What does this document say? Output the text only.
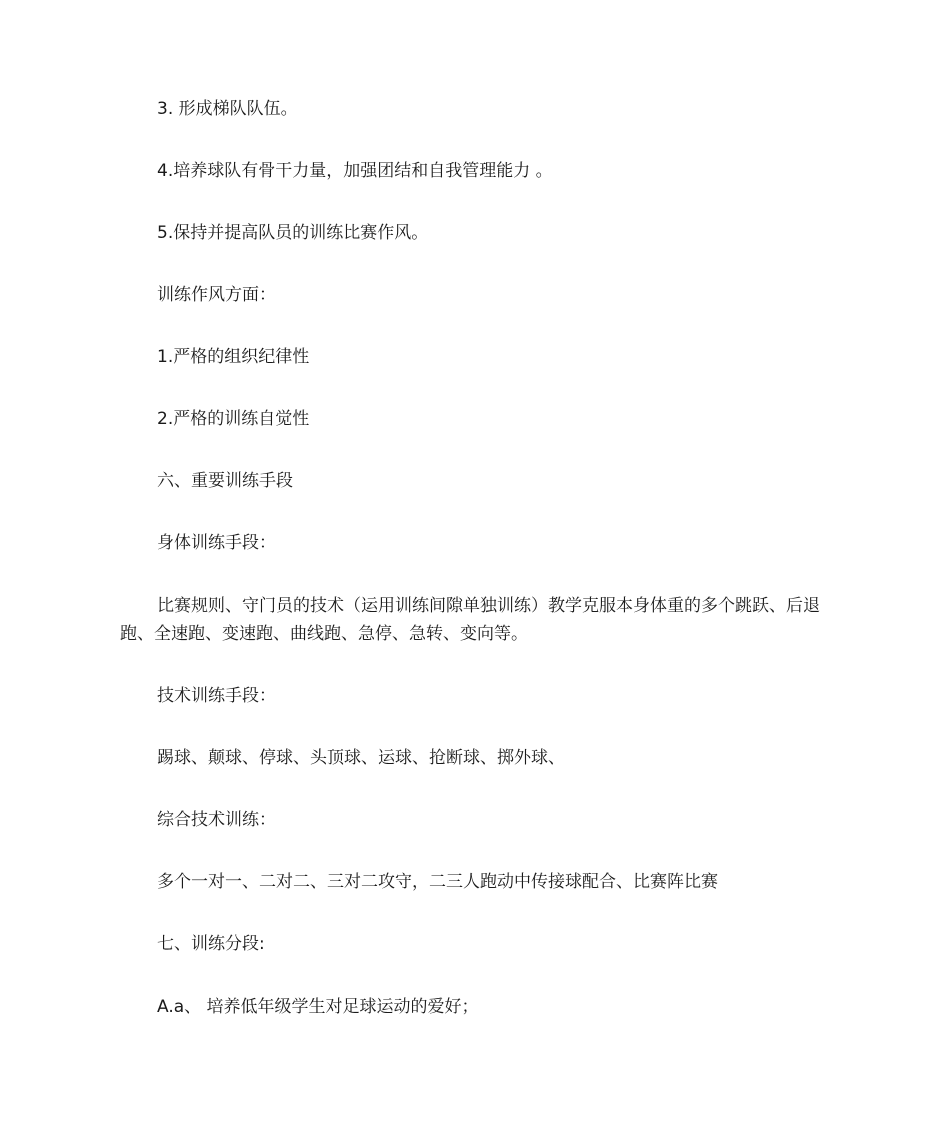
3. 形成梯队队伍。
4.培养球队有骨干力量，加强团结和自我管理能力 。
5.保持并提高队员的训练比赛作风。
训练作风方面：
1.严格的组织纪律性
2.严格的训练自觉性
六、重要训练手段
身体训练手段：
比赛规则、守门员的技术（运用训练间隙单独训练）教学克服本身体重的多个跳跃、后退跑、全速跑、变速跑、曲线跑、急停、急转、变向等。
技术训练手段：
踢球、颠球、停球、头顶球、运球、抢断球、掷外球、
综合技术训练：
多个一对一、二对二、三对二攻守，二三人跑动中传接球配合、比赛阵比赛
七、训练分段:
A.a、 培养低年级学生对足球运动的爱好；
